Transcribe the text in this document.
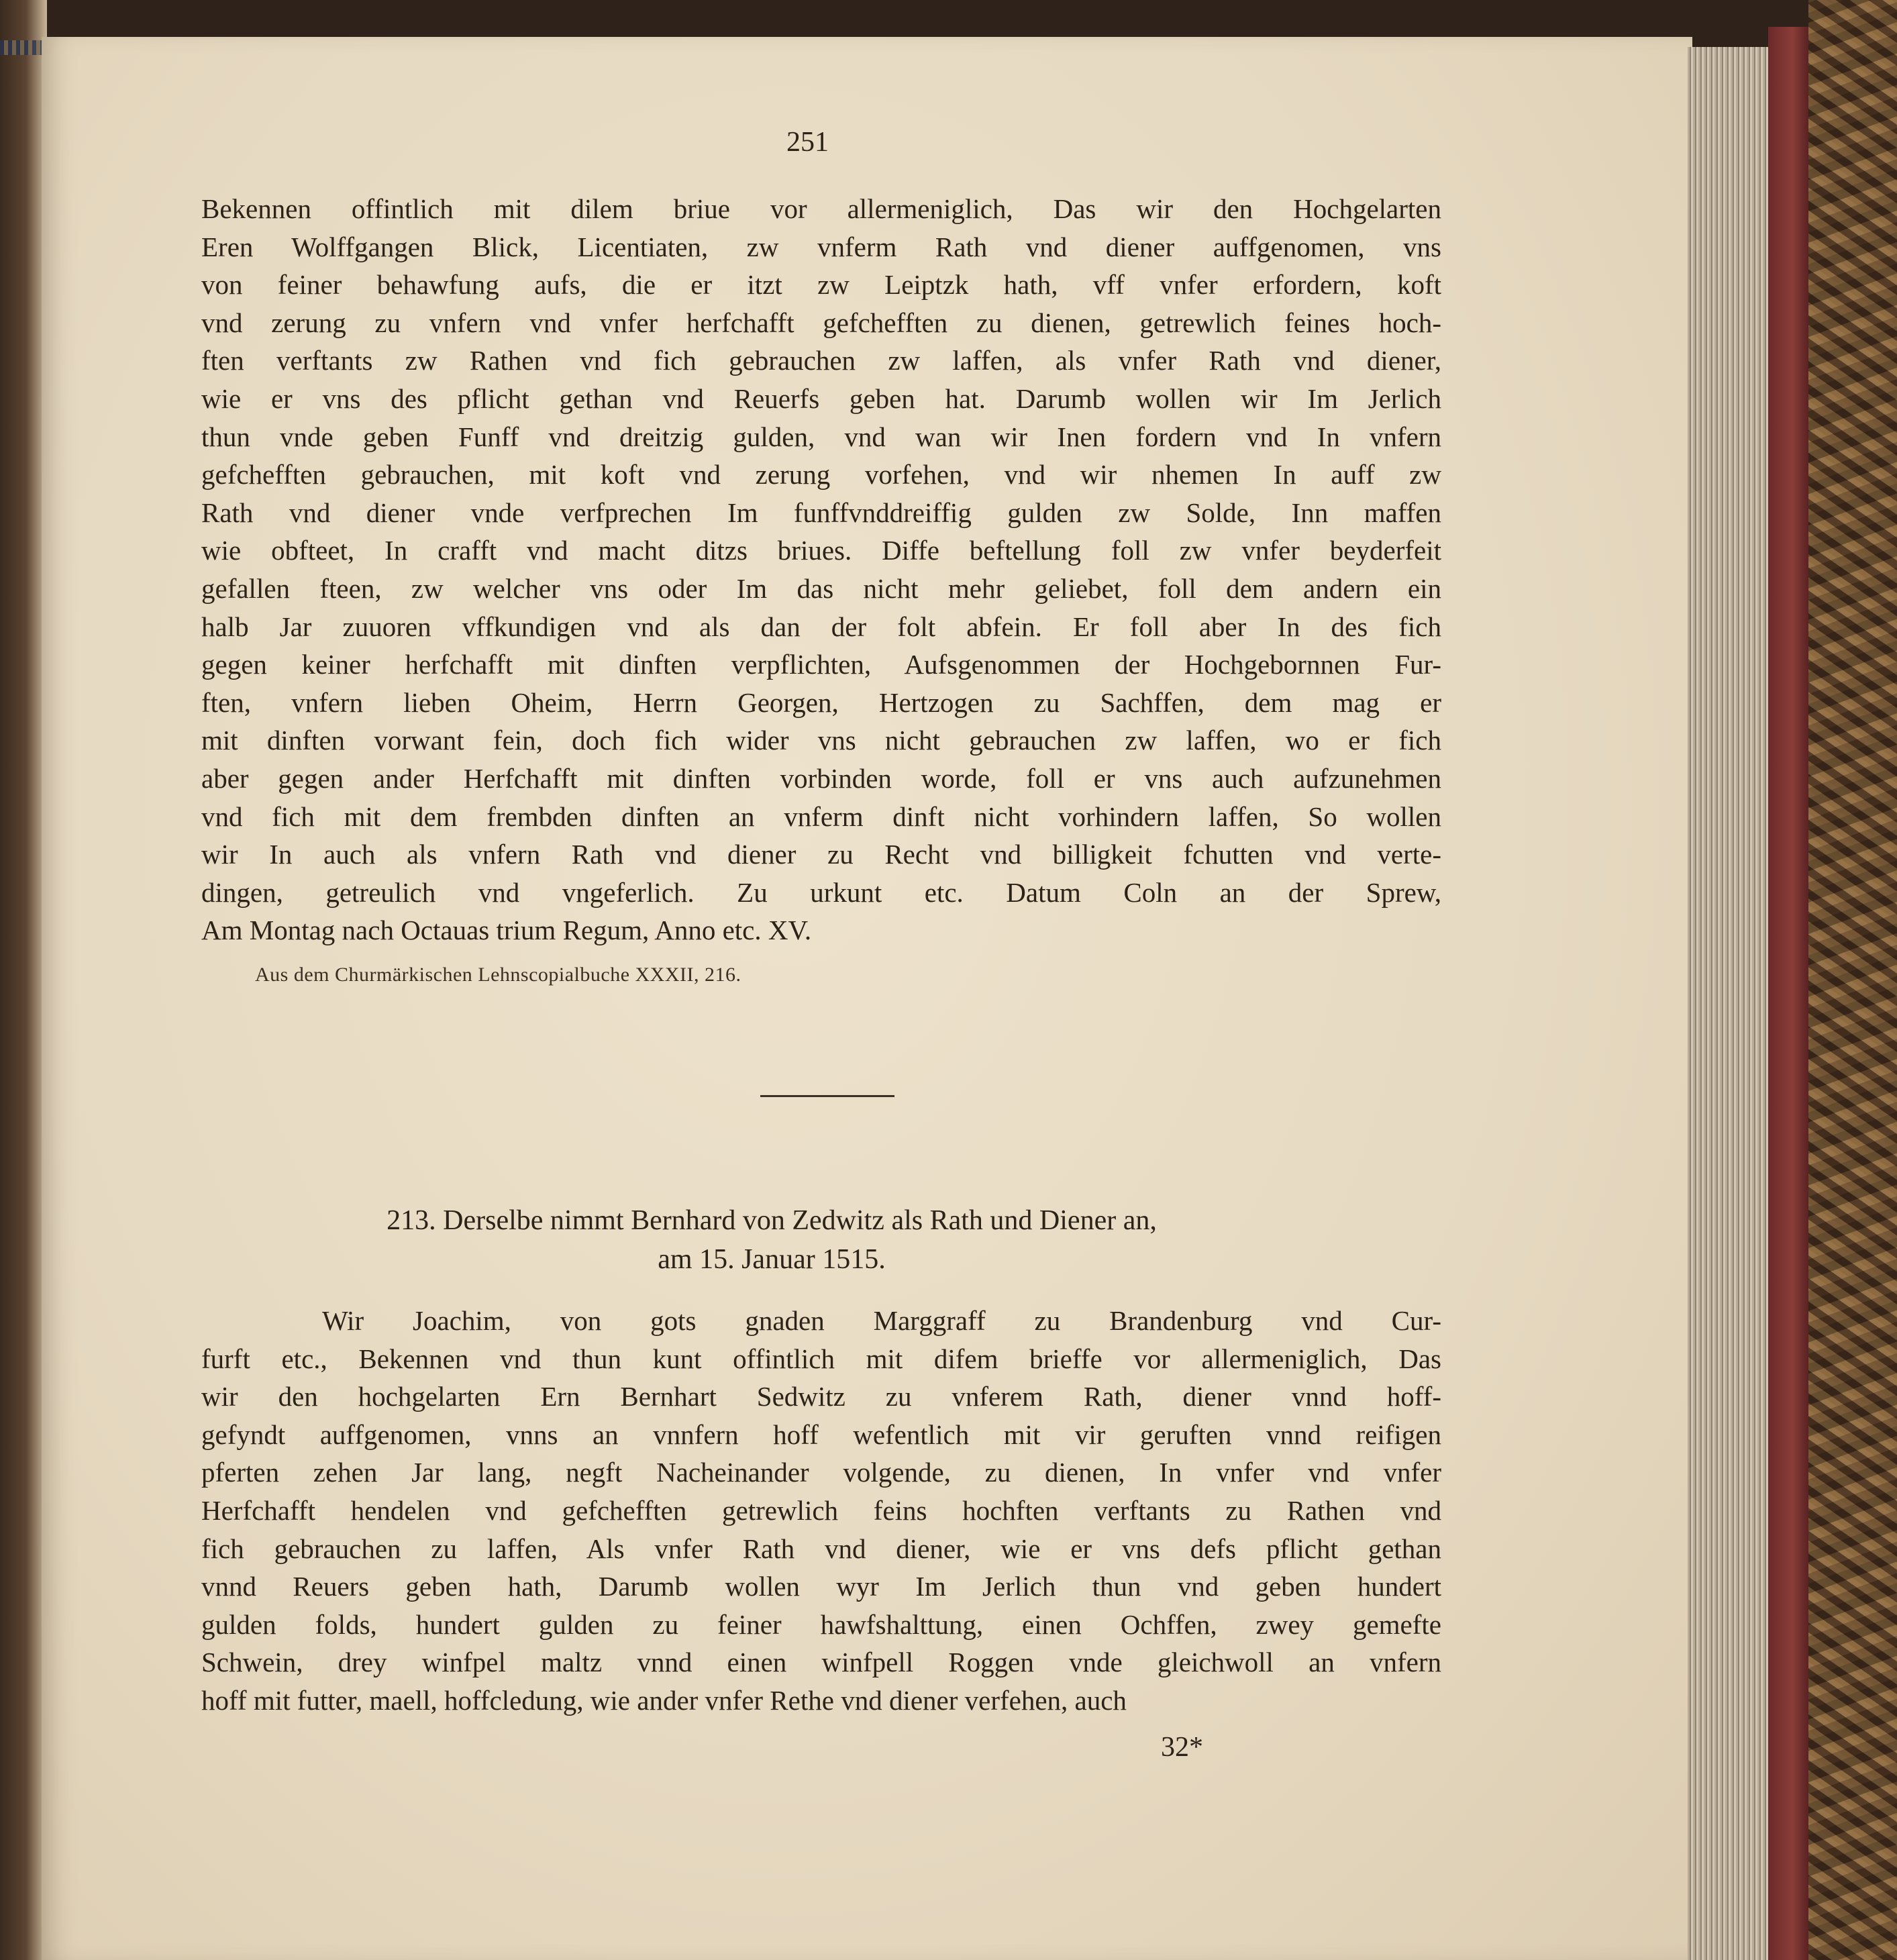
251
Bekennen offintlich mit dilem briue vor allermeniglich, Das wir den Hochgelarten
Eren Wolffgangen Blick, Licentiaten, zw vnferm Rath vnd diener auffgenomen, vns
von feiner behawfung aufs, die er itzt zw Leiptzk hath, vff vnfer erfordern, koft
vnd zerung zu vnfern vnd vnfer herfchafft gefchefften zu dienen, getrewlich feines hoch-
ften verftants zw Rathen vnd fich gebrauchen zw laffen, als vnfer Rath vnd diener,
wie er vns des pflicht gethan vnd Reuerfs geben hat. Darumb wollen wir Im Jerlich
thun vnde geben Funff vnd dreitzig gulden, vnd wan wir Inen fordern vnd In vnfern
gefchefften gebrauchen, mit koft vnd zerung vorfehen, vnd wir nhemen In auff zw
Rath vnd diener vnde verfprechen Im funffvnddreiffig gulden zw Solde, Inn maffen
wie obfteet, In crafft vnd macht ditzs briues. Diffe beftellung foll zw vnfer beyderfeit
gefallen fteen, zw welcher vns oder Im das nicht mehr geliebet, foll dem andern ein
halb Jar zuuoren vffkundigen vnd als dan der folt abfein. Er foll aber In des fich
gegen keiner herfchafft mit dinften verpflichten, Aufsgenommen der Hochgebornnen Fur-
ften, vnfern lieben Oheim, Herrn Georgen, Hertzogen zu Sachffen, dem mag er
mit dinften vorwant fein, doch fich wider vns nicht gebrauchen zw laffen, wo er fich
aber gegen ander Herfchafft mit dinften vorbinden worde, foll er vns auch aufzunehmen
vnd fich mit dem frembden dinften an vnferm dinft nicht vorhindern laffen, So wollen
wir In auch als vnfern Rath vnd diener zu Recht vnd billigkeit fchutten vnd verte-
dingen, getreulich vnd vngeferlich. Zu urkunt etc. Datum Coln an der Sprew,
Am Montag nach Octauas trium Regum, Anno etc. XV.
Aus dem Churmärkischen Lehnscopialbuche XXXII, 216.
213. Derselbe nimmt Bernhard von Zedwitz als Rath und Diener an,
am 15. Januar 1515.
Wir Joachim, von gots gnaden Marggraff zu Brandenburg vnd Cur-
furft etc., Bekennen vnd thun kunt offintlich mit difem brieffe vor allermeniglich, Das
wir den hochgelarten Ern Bernhart Sedwitz zu vnferem Rath, diener vnnd hoff-
gefyndt auffgenomen, vnns an vnnfern hoff wefentlich mit vir geruften vnnd reifigen
pferten zehen Jar lang, negft Nacheinander volgende, zu dienen, In vnfer vnd vnfer
Herfchafft hendelen vnd gefchefften getrewlich feins hochften verftants zu Rathen vnd
fich gebrauchen zu laffen, Als vnfer Rath vnd diener, wie er vns defs pflicht gethan
vnnd Reuers geben hath, Darumb wollen wyr Im Jerlich thun vnd geben hundert
gulden folds, hundert gulden zu feiner hawfshalttung, einen Ochffen, zwey gemefte
Schwein, drey winfpel maltz vnnd einen winfpell Roggen vnde gleichwoll an vnfern
hoff mit futter, maell, hoffcledung, wie ander vnfer Rethe vnd diener verfehen, auch
32*
